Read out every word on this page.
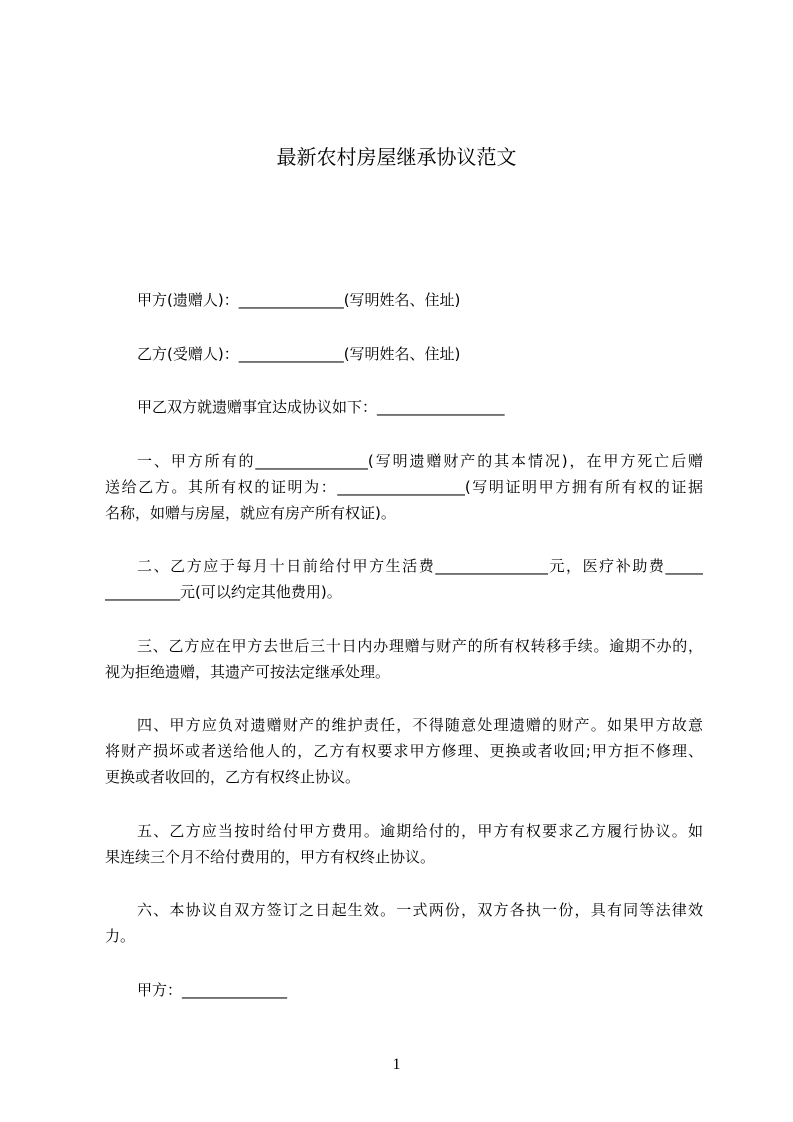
最新农村房屋继承协议范文

甲方(遗赠人)：______________(写明姓名、住址)

乙方(受赠人)：______________(写明姓名、住址)

甲乙双方就遗赠事宜达成协议如下：_________________

一、甲方所有的_______________(写明遗赠财产的其本情况)，在甲方死亡后赠
送给乙方。其所有权的证明为：_________________(写明证明甲方拥有所有权的证据
名称，如赠与房屋，就应有房产所有权证)。

二、乙方应于每月十日前给付甲方生活费_______________元，医疗补助费_____
__________元(可以约定其他费用)。

三、乙方应在甲方去世后三十日内办理赠与财产的所有权转移手续。逾期不办的，
视为拒绝遗赠，其遗产可按法定继承处理。

四、甲方应负对遗赠财产的维护责任，不得随意处理遗赠的财产。如果甲方故意
将财产损坏或者送给他人的，乙方有权要求甲方修理、更换或者收回;甲方拒不修理、
更换或者收回的，乙方有权终止协议。

五、乙方应当按时给付甲方费用。逾期给付的，甲方有权要求乙方履行协议。如
果连续三个月不给付费用的，甲方有权终止协议。

六、本协议自双方签订之日起生效。一式两份，双方各执一份，具有同等法律效
力。

甲方：______________

1
